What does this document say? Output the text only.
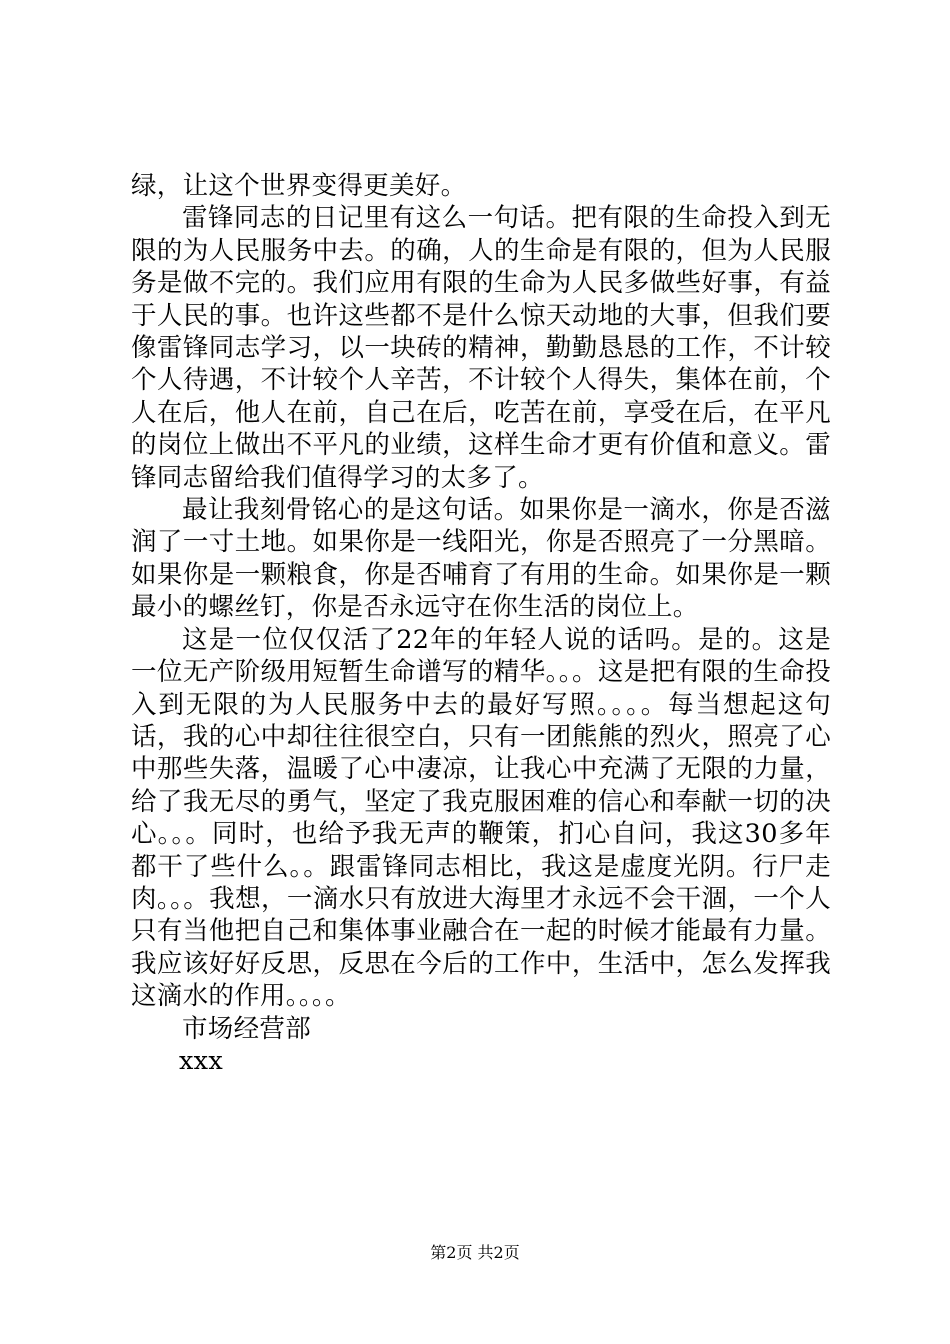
绿，让这个世界变得更美好。

雷锋同志的日记里有这么一句话。把有限的生命投入到无限的为人民服务中去。的确，人的生命是有限的，但为人民服务是做不完的。我们应用有限的生命为人民多做些好事，有益于人民的事。也许这些都不是什么惊天动地的大事，但我们要像雷锋同志学习，以一块砖的精神，勤勤恳恳的工作，不计较个人待遇，不计较个人辛苦，不计较个人得失，集体在前，个人在后，他人在前，自己在后，吃苦在前，享受在后，在平凡的岗位上做出不平凡的业绩，这样生命才更有价值和意义。雷锋同志留给我们值得学习的太多了。

最让我刻骨铭心的是这句话。如果你是一滴水，你是否滋润了一寸土地。如果你是一线阳光，你是否照亮了一分黑暗。如果你是一颗粮食，你是否哺育了有用的生命。如果你是一颗最小的螺丝钉，你是否永远守在你生活的岗位上。

这是一位仅仅活了22年的年轻人说的话吗。是的。这是一位无产阶级用短暂生命谱写的精华。。。这是把有限的生命投入到无限的为人民服务中去的最好写照。。。。每当想起这句话，我的心中却往往很空白，只有一团熊熊的烈火，照亮了心中那些失落，温暖了心中凄凉，让我心中充满了无限的力量，给了我无尽的勇气，坚定了我克服困难的信心和奉献一切的决心。。。同时，也给予我无声的鞭策，扪心自问，我这30多年都干了些什么。。跟雷锋同志相比，我这是虚度光阴。行尸走肉。。。我想，一滴水只有放进大海里才永远不会干涸，一个人只有当他把自己和集体事业融合在一起的时候才能最有力量。我应该好好反思，反思在今后的工作中，生活中，怎么发挥我这滴水的作用。。。。

市场经营部

xxx

第2页 共2页
